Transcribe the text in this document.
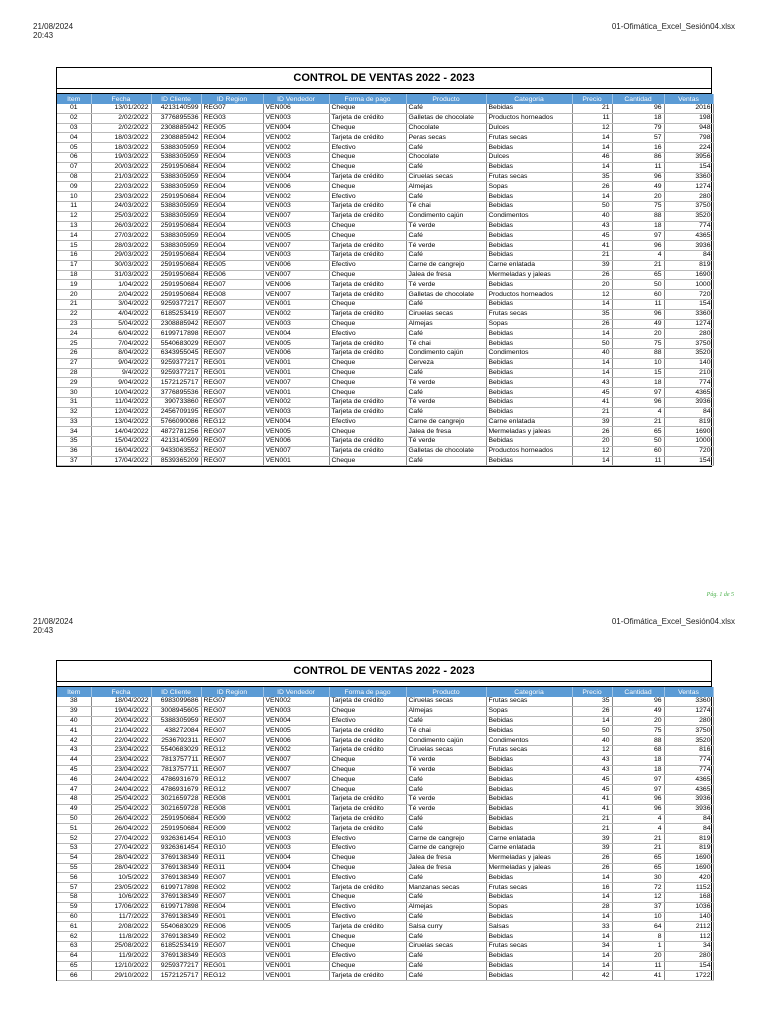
21/08/2024
20:43
01-Ofimática_Excel_Sesión04.xlsx
CONTROL DE VENTAS 2022 - 2023
Item	Fecha	ID Cliente	ID Region	ID Vendedor	Forma de pago	Producto	Categoria	Precio	Cantidad	Ventas
01	13/01/2022	4213140599	REG07	VEN006	Cheque	Café	Bebidas	21	96	2016
02	2/02/2022	3776895536	REG03	VEN003	Tarjeta de crédito	Galletas de chocolate	Productos horneados	11	18	198
03	2/02/2022	2308885942	REG05	VEN004	Cheque	Chocolate	Dulces	12	79	948
04	18/03/2022	2308885942	REG04	VEN002	Tarjeta de crédito	Peras secas	Frutas secas	14	57	798
05	18/03/2022	5388305959	REG04	VEN002	Efectivo	Café	Bebidas	14	16	224
06	19/03/2022	5388305959	REG04	VEN003	Cheque	Chocolate	Dulces	46	86	3956
07	20/03/2022	2591950684	REG04	VEN002	Cheque	Café	Bebidas	14	11	154
08	21/03/2022	5388305959	REG04	VEN004	Tarjeta de crédito	Ciruelas secas	Frutas secas	35	96	3360
09	22/03/2022	5388305959	REG04	VEN006	Cheque	Almejas	Sopas	26	49	1274
10	23/03/2022	2591950684	REG04	VEN002	Efectivo	Café	Bebidas	14	20	280
11	24/03/2022	5388305959	REG04	VEN003	Tarjeta de crédito	Té chai	Bebidas	50	75	3750
12	25/03/2022	5388305959	REG04	VEN007	Tarjeta de crédito	Condimento cajún	Condimentos	40	88	3520
13	26/03/2022	2591950684	REG04	VEN003	Cheque	Té verde	Bebidas	43	18	774
14	27/03/2022	5388305959	REG04	VEN005	Cheque	Café	Bebidas	45	97	4365
15	28/03/2022	5388305959	REG04	VEN007	Tarjeta de crédito	Té verde	Bebidas	41	96	3936
16	29/03/2022	2591950684	REG04	VEN003	Tarjeta de crédito	Café	Bebidas	21	4	84
17	30/03/2022	2591950684	REG05	VEN006	Efectivo	Carne de cangrejo	Carne enlatada	39	21	819
18	31/03/2022	2591950684	REG06	VEN007	Cheque	Jalea de fresa	Mermeladas y jaleas	26	65	1690
19	1/04/2022	2591950684	REG07	VEN006	Tarjeta de crédito	Té verde	Bebidas	20	50	1000
20	2/04/2022	2591950684	REG08	VEN007	Tarjeta de crédito	Galletas de chocolate	Productos horneados	12	60	720
21	3/04/2022	9259377217	REG07	VEN001	Cheque	Café	Bebidas	14	11	154
22	4/04/2022	6185253419	REG07	VEN002	Tarjeta de crédito	Ciruelas secas	Frutas secas	35	96	3360
23	5/04/2022	2308885942	REG07	VEN003	Cheque	Almejas	Sopas	26	49	1274
24	6/04/2022	6199717898	REG07	VEN004	Efectivo	Café	Bebidas	14	20	280
25	7/04/2022	5540683029	REG07	VEN005	Tarjeta de crédito	Té chai	Bebidas	50	75	3750
26	8/04/2022	6343955045	REG07	VEN006	Tarjeta de crédito	Condimento cajún	Condimentos	40	88	3520
27	9/04/2022	9259377217	REG01	VEN001	Cheque	Cerveza	Bebidas	14	10	140
28	9/4/2022	9259377217	REG01	VEN001	Cheque	Café	Bebidas	14	15	210
29	9/04/2022	1572125717	REG07	VEN007	Cheque	Té verde	Bebidas	43	18	774
30	10/04/2022	3776895536	REG07	VEN001	Cheque	Café	Bebidas	45	97	4365
31	11/04/2022	390733860	REG07	VEN002	Tarjeta de crédito	Té verde	Bebidas	41	96	3936
32	12/04/2022	2456709195	REG07	VEN003	Tarjeta de crédito	Café	Bebidas	21	4	84
33	13/04/2022	5766090086	REG12	VEN004	Efectivo	Carne de cangrejo	Carne enlatada	39	21	819
34	14/04/2022	4872781256	REG07	VEN005	Cheque	Jalea de fresa	Mermeladas y jaleas	26	65	1690
35	15/04/2022	4213140599	REG07	VEN006	Tarjeta de crédito	Té verde	Bebidas	20	50	1000
36	16/04/2022	9433063552	REG07	VEN007	Tarjeta de crédito	Galletas de chocolate	Productos horneados	12	60	720
37	17/04/2022	8539365209	REG07	VEN001	Cheque	Café	Bebidas	14	11	154
Pág. 1 de 5
21/08/2024
20:43
01-Ofimática_Excel_Sesión04.xlsx
CONTROL DE VENTAS 2022 - 2023
Item	Fecha	ID Cliente	ID Region	ID Vendedor	Forma de pago	Producto	Categoria	Precio	Cantidad	Ventas
38	18/04/2022	6983099686	REG07	VEN002	Tarjeta de crédito	Ciruelas secas	Frutas secas	35	96	3360
39	19/04/2022	3008945605	REG07	VEN003	Cheque	Almejas	Sopas	26	49	1274
40	20/04/2022	5388305959	REG07	VEN004	Efectivo	Café	Bebidas	14	20	280
41	21/04/2022	438272084	REG07	VEN005	Tarjeta de crédito	Té chai	Bebidas	50	75	3750
42	22/04/2022	2536792311	REG07	VEN006	Tarjeta de crédito	Condimento cajún	Condimentos	40	88	3520
43	23/04/2022	5540683029	REG12	VEN002	Tarjeta de crédito	Ciruelas secas	Frutas secas	12	68	816
44	23/04/2022	7813757711	REG07	VEN007	Cheque	Té verde	Bebidas	43	18	774
45	23/04/2022	7813757711	REG07	VEN007	Cheque	Té verde	Bebidas	43	18	774
46	24/04/2022	4786931679	REG12	VEN007	Cheque	Café	Bebidas	45	97	4365
47	24/04/2022	4786931679	REG12	VEN007	Cheque	Café	Bebidas	45	97	4365
48	25/04/2022	3021659728	REG08	VEN001	Tarjeta de crédito	Té verde	Bebidas	41	96	3936
49	25/04/2022	3021659728	REG08	VEN001	Tarjeta de crédito	Té verde	Bebidas	41	96	3936
50	26/04/2022	2591950684	REG09	VEN002	Tarjeta de crédito	Café	Bebidas	21	4	84
51	26/04/2022	2591950684	REG09	VEN002	Tarjeta de crédito	Café	Bebidas	21	4	84
52	27/04/2022	9326361454	REG10	VEN003	Efectivo	Carne de cangrejo	Carne enlatada	39	21	819
53	27/04/2022	9326361454	REG10	VEN003	Efectivo	Carne de cangrejo	Carne enlatada	39	21	819
54	28/04/2022	3769138349	REG11	VEN004	Cheque	Jalea de fresa	Mermeladas y jaleas	26	65	1690
55	28/04/2022	3769138349	REG11	VEN004	Cheque	Jalea de fresa	Mermeladas y jaleas	26	65	1690
56	10/5/2022	3769138349	REG07	VEN001	Efectivo	Café	Bebidas	14	30	420
57	23/05/2022	6199717898	REG02	VEN002	Tarjeta de crédito	Manzanas secas	Frutas secas	16	72	1152
58	10/6/2022	3769138349	REG07	VEN001	Cheque	Café	Bebidas	14	12	168
59	17/06/2022	6199717898	REG04	VEN001	Efectivo	Almejas	Sopas	28	37	1036
60	11/7/2022	3769138349	REG01	VEN001	Efectivo	Café	Bebidas	14	10	140
61	2/08/2022	5540683029	REG06	VEN005	Tarjeta de crédito	Salsa curry	Salsas	33	64	2112
62	11/8/2022	3769138349	REG02	VEN001	Cheque	Café	Bebidas	14	8	112
63	25/08/2022	6185253419	REG07	VEN001	Cheque	Ciruelas secas	Frutas secas	34	1	34
64	11/9/2022	3769138349	REG03	VEN001	Efectivo	Café	Bebidas	14	20	280
65	12/10/2022	9259377217	REG01	VEN001	Cheque	Café	Bebidas	14	11	154
66	29/10/2022	1572125717	REG12	VEN001	Tarjeta de crédito	Café	Bebidas	42	41	1722
